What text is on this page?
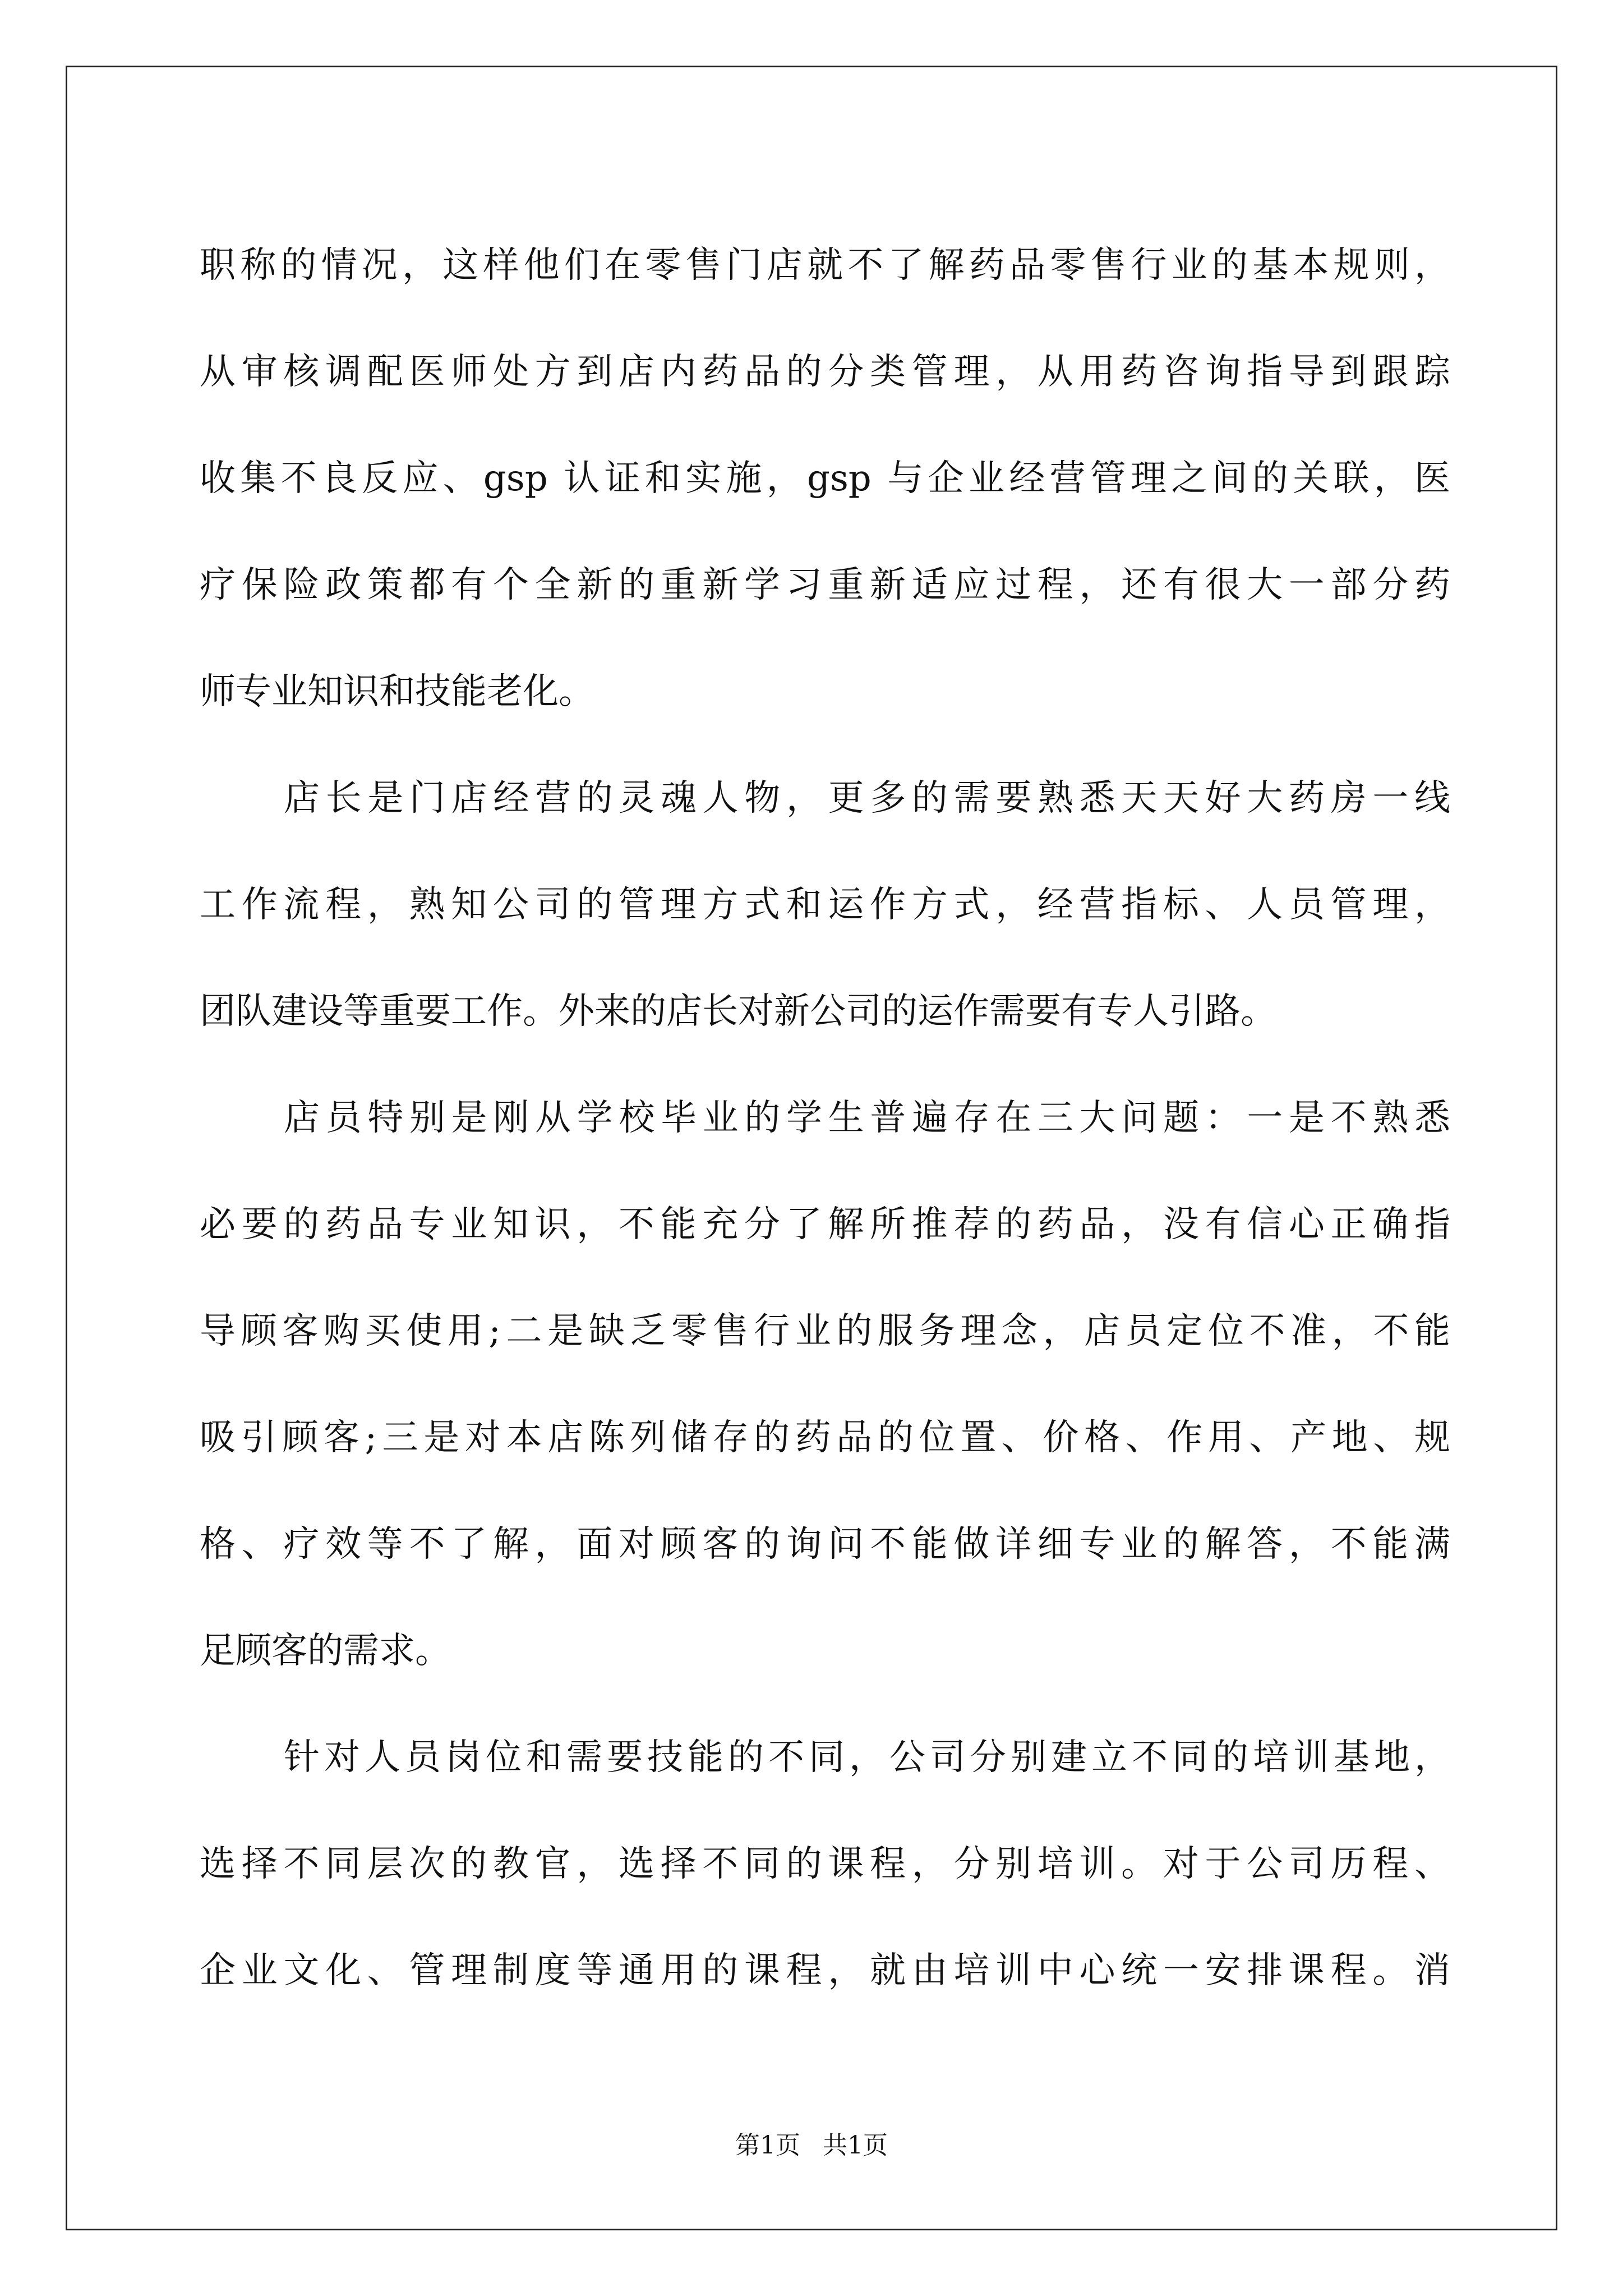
职称的情况，这样他们在零售门店就不了解药品零售行业的基本规则，
从审核调配医师处方到店内药品的分类管理，从用药咨询指导到跟踪
收集不良反应、gsp 认证和实施，gsp 与企业经营管理之间的关联，医
疗保险政策都有个全新的重新学习重新适应过程，还有很大一部分药
师专业知识和技能老化。
店长是门店经营的灵魂人物，更多的需要熟悉天天好大药房一线
工作流程，熟知公司的管理方式和运作方式，经营指标、人员管理，
团队建设等重要工作。外来的店长对新公司的运作需要有专人引路。
店员特别是刚从学校毕业的学生普遍存在三大问题：一是不熟悉
必要的药品专业知识，不能充分了解所推荐的药品，没有信心正确指
导顾客购买使用;二是缺乏零售行业的服务理念，店员定位不准，不能
吸引顾客;三是对本店陈列储存的药品的位置、价格、作用、产地、规
格、疗效等不了解，面对顾客的询问不能做详细专业的解答，不能满
足顾客的需求。
针对人员岗位和需要技能的不同，公司分别建立不同的培训基地，
选择不同层次的教官，选择不同的课程，分别培训。对于公司历程、
企业文化、管理制度等通用的课程，就由培训中心统一安排课程。消
第1页 共1页
